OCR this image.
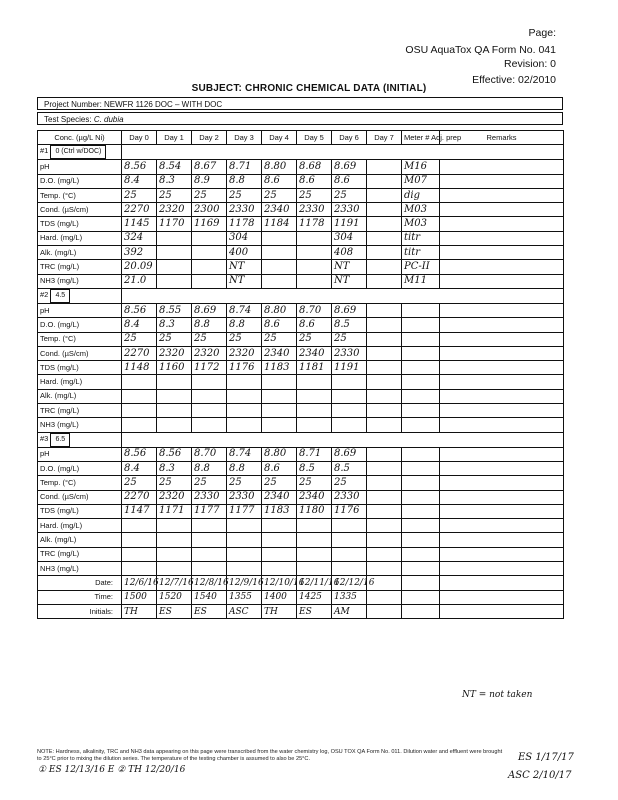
Page:
OSU AquaTox QA Form No. 041
Revision: 0
Effective: 02/2010
SUBJECT: CHRONIC CHEMICAL DATA (INITIAL)
Project Number: NEWFR 1126 DOC – WITH DOC
Test Species: C. dubia
Conc. (µg/L Ni)	Day 0	Day 1	Day 2	Day 3	Day 4	Day 5	Day 6	Day 7	Meter # Adj. prep	Remarks
#1 0 (Ctrl w/DOC)										
pH	8.56	8.54	8.67	8.71	8.80	8.68	8.69		M16	
D.O. (mg/L)	8.4	8.3	8.9	8.8	8.6	8.6	8.6		M07	
Temp. (°C)	25	25	25	25	25	25	25		dig	
Cond. (µS/cm)	2270	2320	2300	2330	2340	2330	2330		M03	
TDS (mg/L)	1145	1170	1169	1178	1184	1178	1191		M03	
Hard. (mg/L)	324			304			304		titr	
Alk. (mg/L)	392			400			408		titr	
TRC (mg/L)	20.09			NT			NT		PC-II	
NH3 (mg/L)	21.0			NT			NT		M11	
#2 4.5										
pH	8.56	8.55	8.69	8.74	8.80	8.70	8.69			
D.O. (mg/L)	8.4	8.3	8.8	8.8	8.6	8.6	8.5			
Temp. (°C)	25	25	25	25	25	25	25			
Cond. (µS/cm)	2270	2320	2320	2320	2340	2340	2330			
TDS (mg/L)	1148	1160	1172	1176	1183	1181	1191			
Hard. (mg/L)										
Alk. (mg/L)										
TRC (mg/L)										
NH3 (mg/L)										
#3 6.5										
pH	8.56	8.56	8.70	8.74	8.80	8.71	8.69			
D.O. (mg/L)	8.4	8.3	8.8	8.8	8.6	8.5	8.5			
Temp. (°C)	25	25	25	25	25	25	25			
Cond. (µS/cm)	2270	2320	2330	2330	2340	2340	2330			
TDS (mg/L)	1147	1171	1177	1177	1183	1180	1176			
Hard. (mg/L)										
Alk. (mg/L)										
TRC (mg/L)										
NH3 (mg/L)										
Date:	12/6/16	12/7/16	12/8/16	12/9/16	12/10/16	12/11/16	12/12/16			
Time:	1500	1520	1540	1355	1400	1425	1335			
Initials:	TH	ES	ES	ASC	TH	ES	AM			
NT = not taken
NOTE: Hardness, alkalinity, TRC and NH3 data appearing on this page were transcribed from the water chemistry log, OSU TOX QA Form No. 011. Dilution water and effluent were brought to 25°C prior to mixing the dilution series. The temperature of the testing chamber is assumed to also be 25°C.
① ES 12/13/16 E ② TH 12/20/16
ES 1/17/17
ASC 2/10/17
